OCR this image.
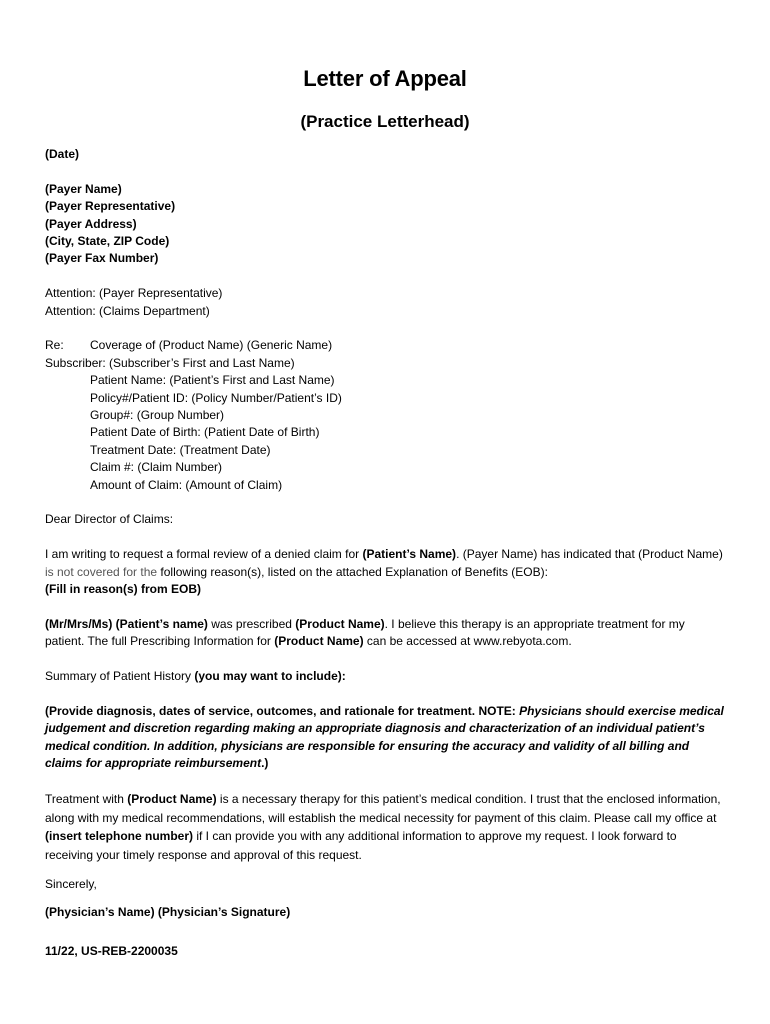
Letter of Appeal
(Practice Letterhead)
(Date)
(Payer Name)
(Payer Representative)
(Payer Address)
(City, State, ZIP Code)
(Payer Fax Number)
Attention: (Payer Representative)
Attention: (Claims Department)
Re:	Coverage of (Product Name) (Generic Name)
Subscriber: (Subscriber’s First and Last Name)
Patient Name: (Patient’s First and Last Name)
Policy#/Patient ID: (Policy Number/Patient’s ID)
Group#: (Group Number)
Patient Date of Birth: (Patient Date of Birth)
Treatment Date: (Treatment Date)
Claim #: (Claim Number)
Amount of Claim: (Amount of Claim)
Dear Director of Claims:
I am writing to request a formal review of a denied claim for (Patient’s Name). (Payer Name) has indicated that (Product Name) is not covered for the following reason(s), listed on the attached Explanation of Benefits (EOB):
(Fill in reason(s) from EOB)
(Mr/Mrs/Ms) (Patient’s name) was prescribed (Product Name). I believe this therapy is an appropriate treatment for my patient. The full Prescribing Information for (Product Name) can be accessed at www.rebyota.com.
Summary of Patient History (you may want to include):
(Provide diagnosis, dates of service, outcomes, and rationale for treatment. NOTE: Physicians should exercise medical judgement and discretion regarding making an appropriate diagnosis and characterization of an individual patient’s medical condition. In addition, physicians are responsible for ensuring the accuracy and validity of all billing and claims for appropriate reimbursement.)
Treatment with (Product Name) is a necessary therapy for this patient’s medical condition. I trust that the enclosed information, along with my medical recommendations, will establish the medical necessity for payment of this claim. Please call my office at (insert telephone number) if I can provide you with any additional information to approve my request. I look forward to receiving your timely response and approval of this request.
Sincerely,
(Physician’s Name) (Physician’s Signature)
11/22, US-REB-2200035
